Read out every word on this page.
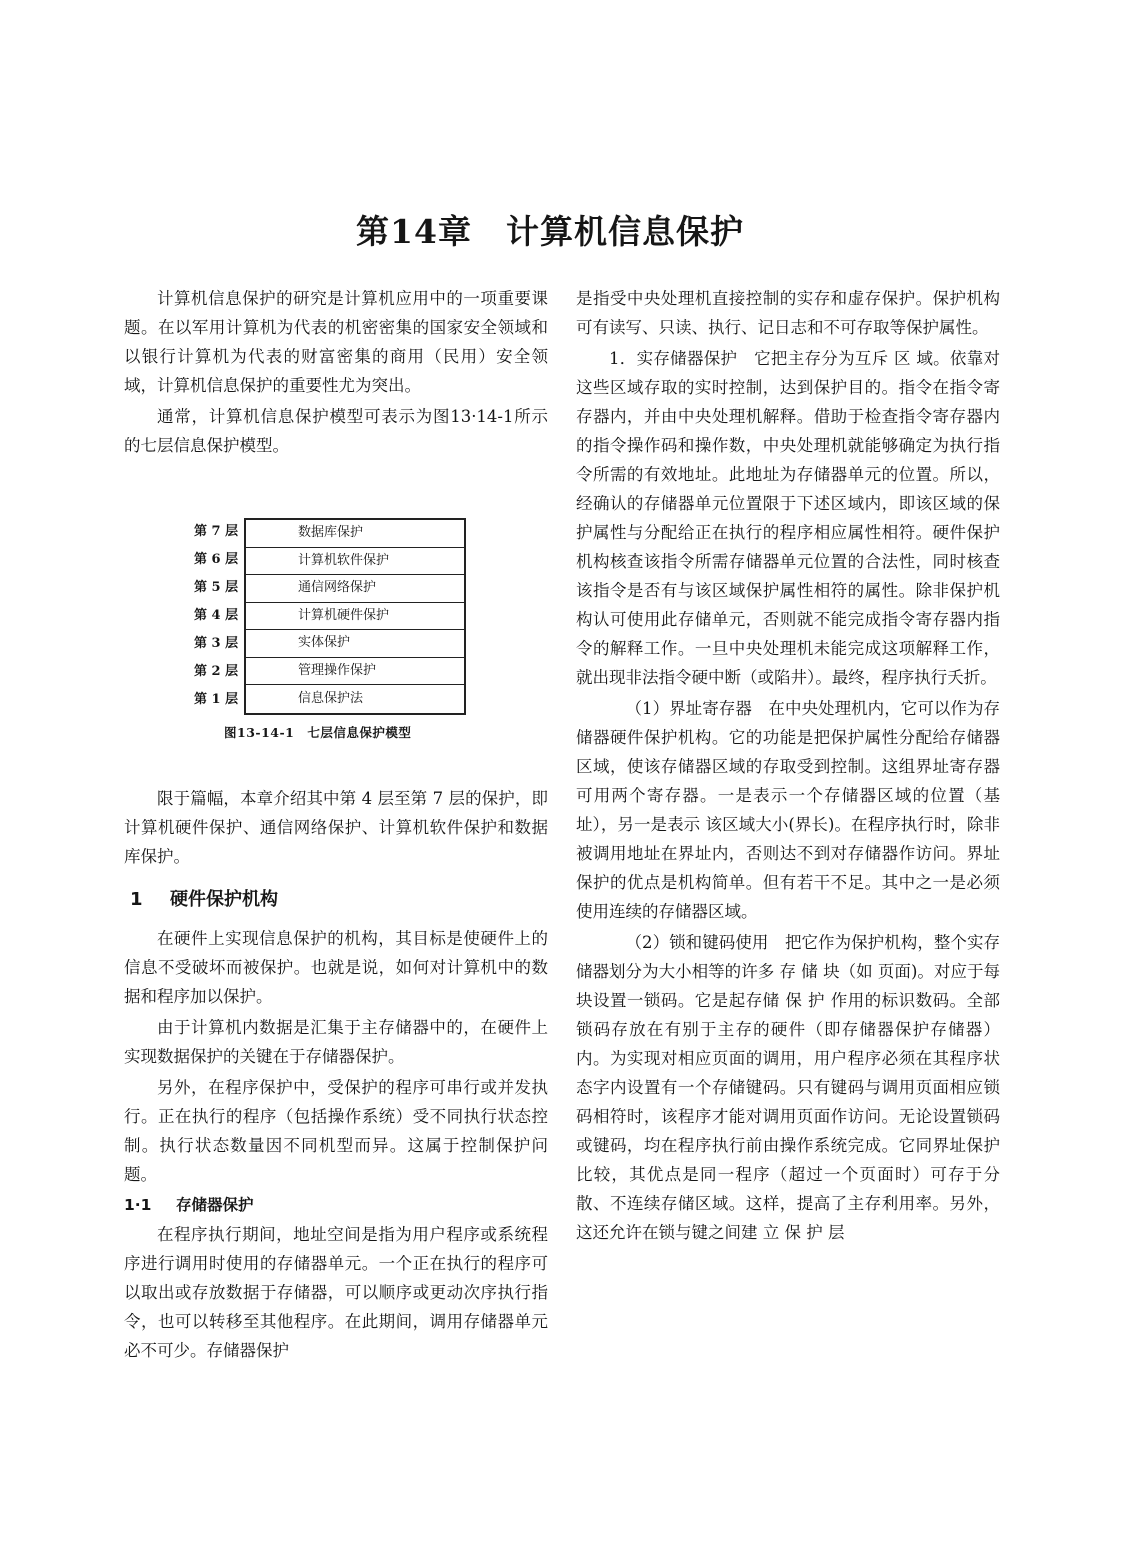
第14章　计算机信息保护

计算机信息保护的研究是计算机应用中的一项重要课题。在以军用计算机为代表的机密密集的国家安全领域和以银行计算机为代表的财富密集的商用（民用）安全领域，计算机信息保护的重要性尤为突出。

通常，计算机信息保护模型可表示为图13·14-1所示的七层信息保护模型。

第 7 层
第 6 层
第 5 层
第 4 层
第 3 层
第 2 层
第 1 层
数据库保护
计算机软件保护
通信网络保护
计算机硬件保护
实体保护
管理操作保护
信息保护法
图13-14-1　七层信息保护模型

限于篇幅，本章介绍其中第 4 层至第 7 层的保护，即计算机硬件保护、通信网络保护、计算机软件保护和数据库保护。

1 硬件保护机构

在硬件上实现信息保护的机构，其目标是使硬件上的信息不受破坏而被保护。也就是说，如何对计算机中的数据和程序加以保护。

由于计算机内数据是汇集于主存储器中的，在硬件上实现数据保护的关键在于存储器保护。

另外，在程序保护中，受保护的程序可串行或并发执行。正在执行的程序（包括操作系统）受不同执行状态控制。执行状态数量因不同机型而异。这属于控制保护问题。

1·1 存储器保护

在程序执行期间，地址空间是指为用户程序或系统程序进行调用时使用的存储器单元。一个正在执行的程序可以取出或存放数据于存储器，可以顺序或更动次序执行指令，也可以转移至其他程序。在此期间，调用存储器单元必不可少。存储器保护

是指受中央处理机直接控制的实存和虚存保护。保护机构可有读写、只读、执行、记日志和不可存取等保护属性。

1．实存储器保护　它把主存分为互斥 区 域。依靠对这些区域存取的实时控制，达到保护目的。指令在指令寄存器内，并由中央处理机解释。借助于检查指令寄存器内的指令操作码和操作数，中央处理机就能够确定为执行指令所需的有效地址。此地址为存储器单元的位置。所以，经确认的存储器单元位置限于下述区域内，即该区域的保护属性与分配给正在执行的程序相应属性相符。硬件保护机构核查该指令所需存储器单元位置的合法性，同时核查该指令是否有与该区域保护属性相符的属性。除非保护机构认可使用此存储单元，否则就不能完成指令寄存器内指令的解释工作。一旦中央处理机未能完成这项解释工作，就出现非法指令硬中断（或陷井）。最终，程序执行夭折。

（1）界址寄存器　在中央处理机内，它可以作为存储器硬件保护机构。它的功能是把保护属性分配给存储器区域，使该存储器区域的存取受到控制。这组界址寄存器可用两个寄存器。一是表示一个存储器区域的位置（基址），另一是表示 该区域大小(界长)。在程序执行时，除非被调用地址在界址内，否则达不到对存储器作访问。界址保护的优点是机构简单。但有若干不足。其中之一是必须使用连续的存储器区域。

（2）锁和键码使用　把它作为保护机构，整个实存储器划分为大小相等的许多 存 储 块（如 页面)。对应于每块设置一锁码。它是起存储 保 护 作用的标识数码。全部锁码存放在有别于主存的硬件（即存储器保护存储器）内。为实现对相应页面的调用，用户程序必须在其程序状态字内设置有一个存储键码。只有键码与调用页面相应锁码相符时，该程序才能对调用页面作访问。无论设置锁码或键码，均在程序执行前由操作系统完成。它同界址保护比较，其优点是同一程序（超过一个页面时）可存于分散、不连续存储区域。这样，提高了主存利用率。另外，这还允许在锁与键之间建 立 保 护 层
